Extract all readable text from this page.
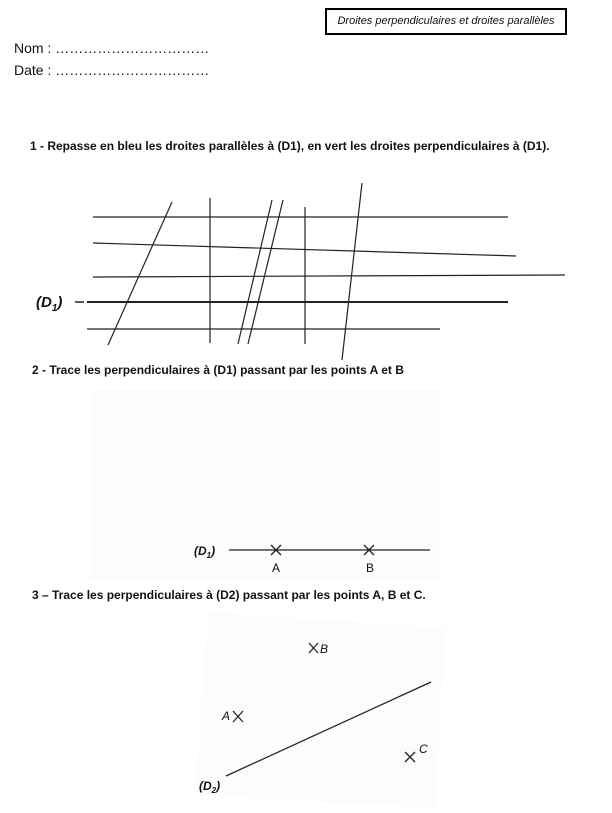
Droites perpendiculaires et droites parallèles
Nom : ……………………………
Date : ……………………………
1 - Repasse en bleu les droites parallèles à (D1), en vert les droites perpendiculaires à (D1).
2 - Trace les perpendiculaires à (D1) passant par les points A et B
3 – Trace les perpendiculaires à (D2) passant par les points A, B et C.
$(D_1)$
$(D_1)$
A	B
$(D_2)$
B
A
C
